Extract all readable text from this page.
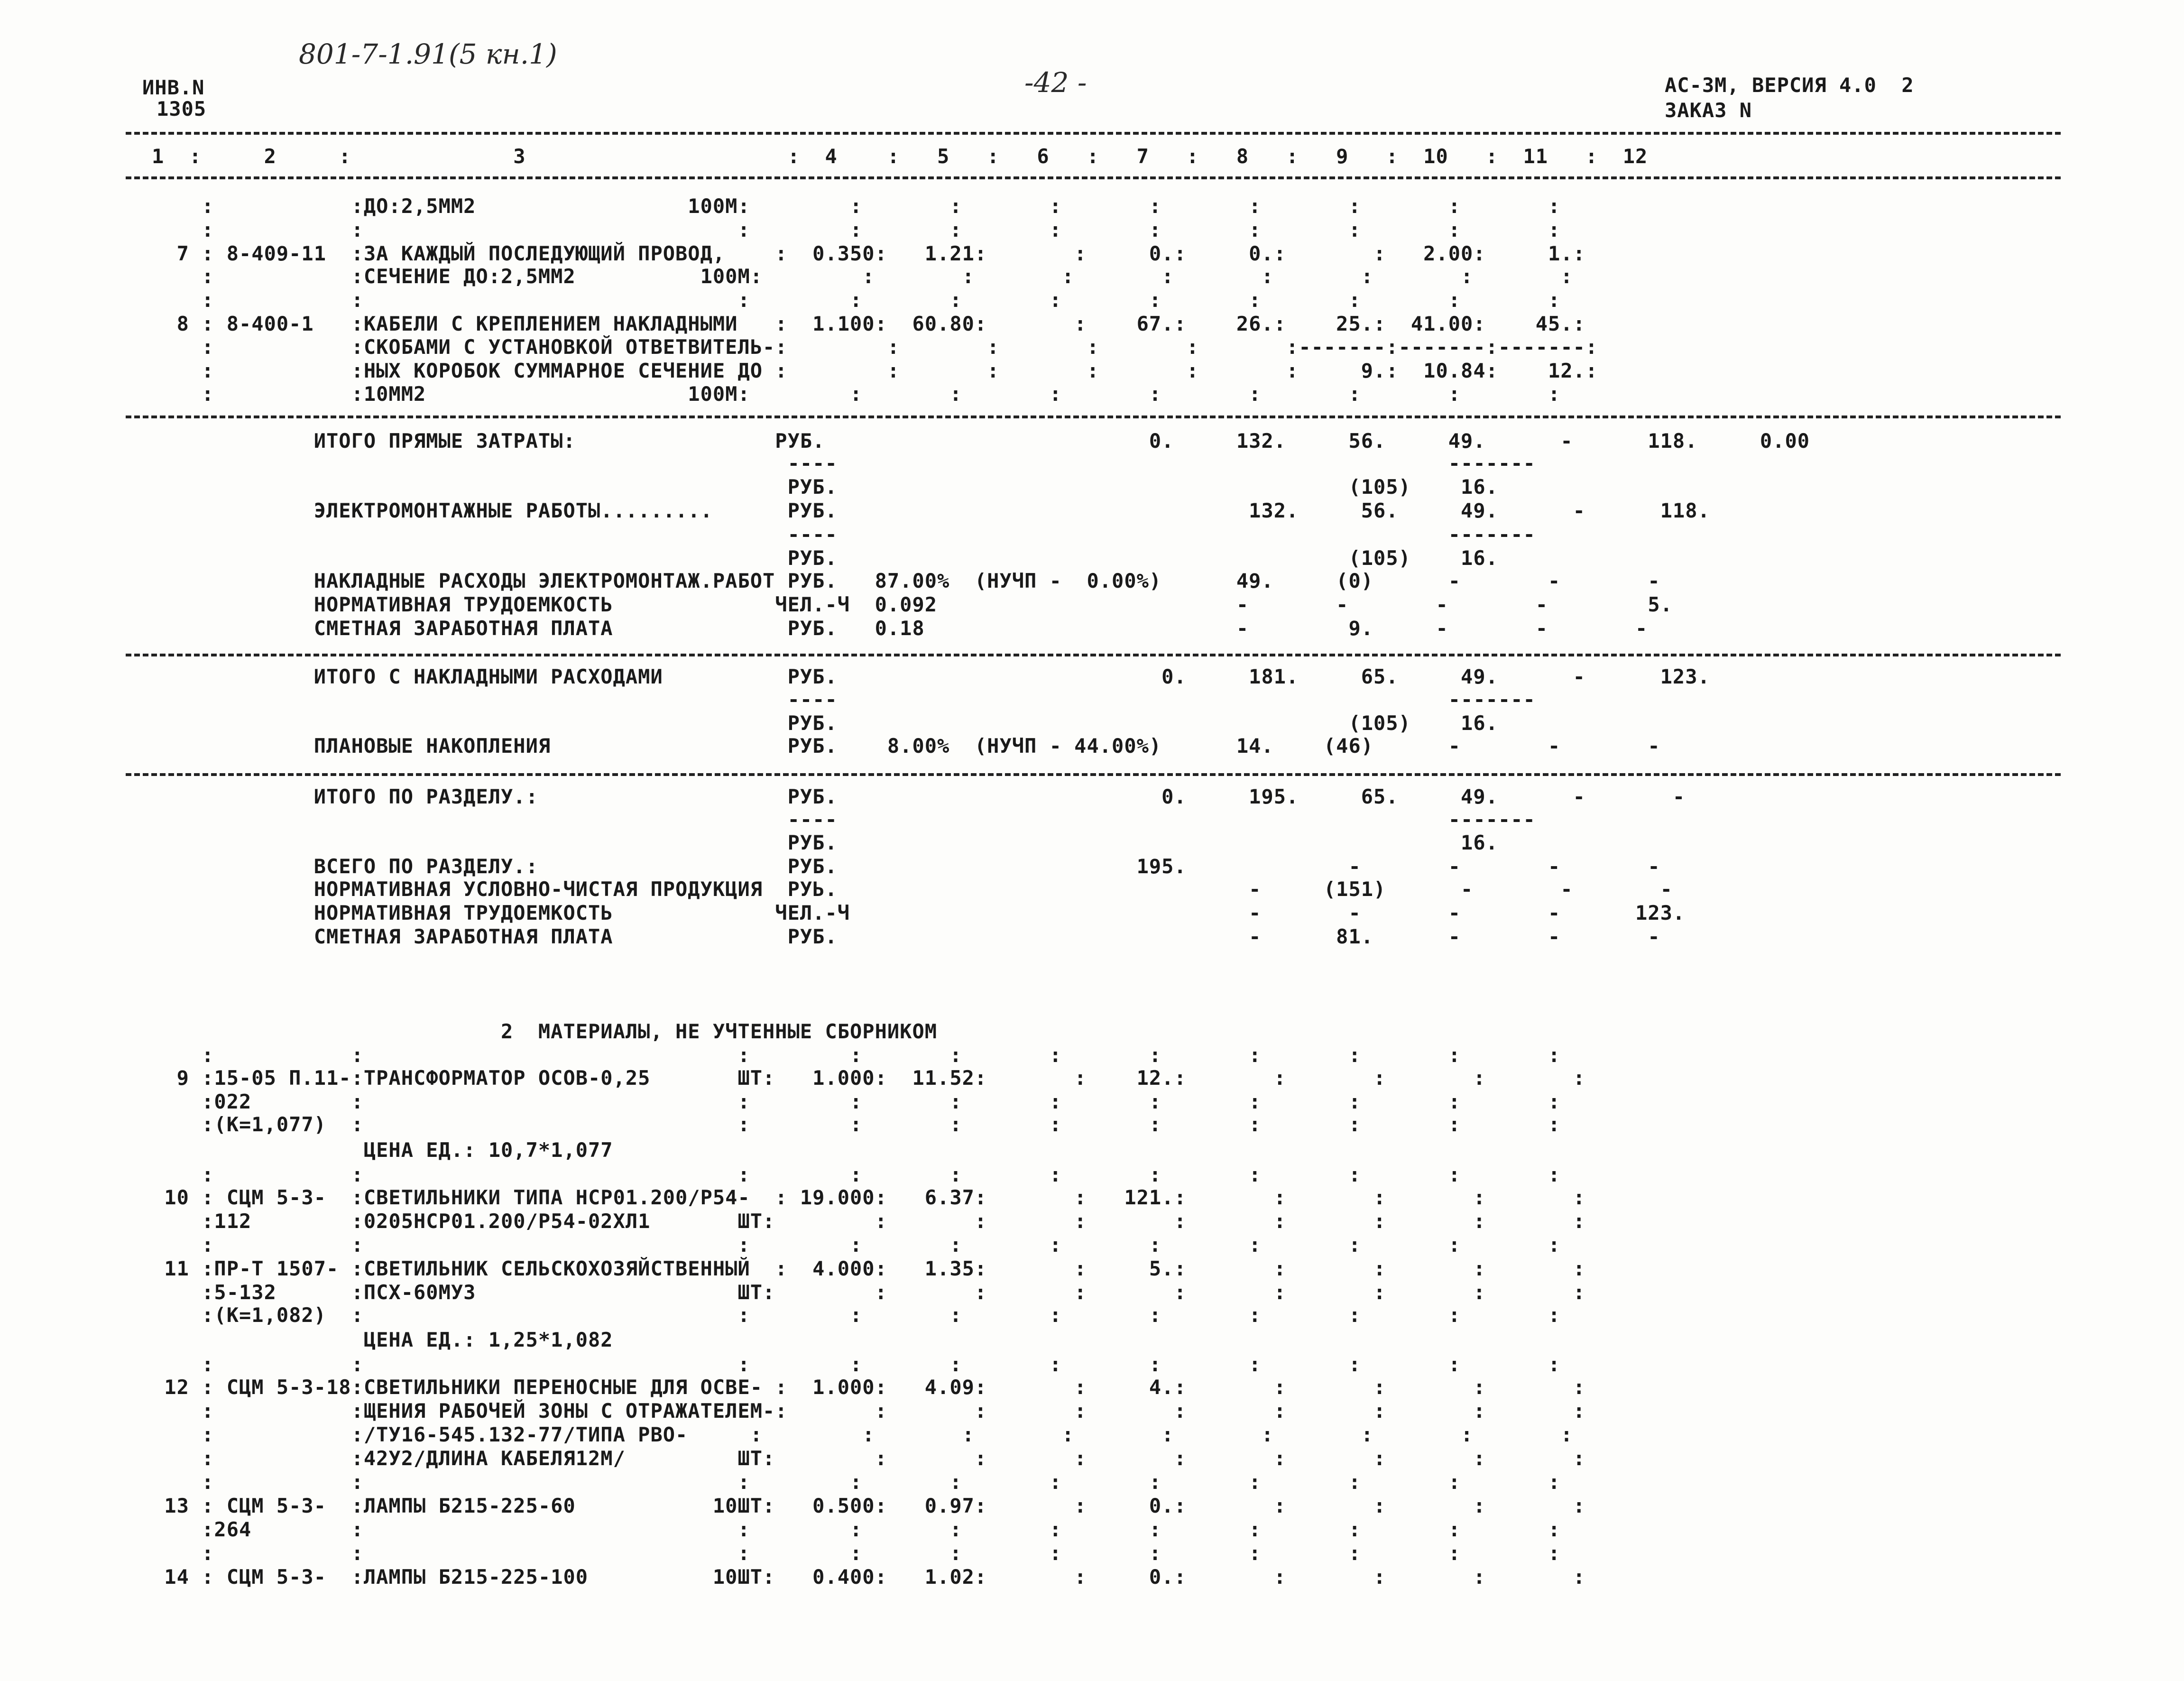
ИНВ.N
1305
801-7-1.91(5 кн.1)
-42 -	АС-3М, ВЕРСИЯ 4.0  2
ЗАКАЗ N
1  :     2     :             3                     :  4    :   5   :   6   :   7   :   8   :   9   :  10   :  11   :  12
:           :ДО:2,5ММ2                 100М:        :       :       :       :       :       :       :       :
:           :                              :        :       :       :       :       :       :       :       :
7 : 8-409-11  :ЗА КАЖДЫЙ ПОСЛЕДУЮЩИЙ ПРОВОД,    :  0.350:   1.21:       :     0.:     0.:       :   2.00:     1.:
:           :СЕЧЕНИЕ ДО:2,5ММ2          100М:        :       :       :       :       :       :       :       :
:           :                              :        :       :       :       :       :       :       :       :
8 : 8-400-1   :КАБЕЛИ С КРЕПЛЕНИЕМ НАКЛАДНЫМИ   :  1.100:  60.80:       :    67.:    26.:    25.:  41.00:    45.:
:           :СКОБАМИ С УСТАНОВКОЙ ОТВЕТВИТЕЛЬ-:        :       :       :       :       :-------:-------:-------:
:           :НЫХ КОРОБОК СУММАРНОЕ СЕЧЕНИЕ ДО :        :       :       :       :       :     9.:  10.84:    12.:
:           :10ММ2                     100М:        :       :       :       :       :       :       :       :
ИТОГО ПРЯМЫЕ ЗАТРАТЫ:                РУБ.                          0.     132.     56.     49.      -      118.     0.00
----                                                 -------
РУБ.                                         (105)    16.
ЭЛЕКТРОМОНТАЖНЫЕ РАБОТЫ.........      РУБ.                                 132.     56.     49.      -      118.
----                                                 -------
РУБ.                                         (105)    16.
НАКЛАДНЫЕ РАСХОДЫ ЭЛЕКТРОМОНТАЖ.РАБОТ РУБ.   87.00%  (НУЧП -  0.00%)      49.     (0)      -       -       -
НОРМАТИВНАЯ ТРУДОЕМКОСТЬ             ЧЕЛ.-Ч  0.092                        -       -       -       -        5.
СМЕТНАЯ ЗАРАБОТНАЯ ПЛАТА              РУБ.   0.18                         -        9.     -       -       -
ИТОГО С НАКЛАДНЫМИ РАСХОДАМИ          РУБ.                          0.     181.     65.     49.      -      123.
----                                                 -------
РУБ.                                         (105)    16.
ПЛАНОВЫЕ НАКОПЛЕНИЯ                   РУБ.    8.00%  (НУЧП - 44.00%)      14.    (46)      -       -       -
ИТОГО ПО РАЗДЕЛУ.:                    РУБ.                          0.     195.     65.     49.      -       -
----                                                 -------
РУБ.                                                  16.
ВСЕГО ПО РАЗДЕЛУ.:                    РУБ.                        195.             -       -       -       -
НОРМАТИВНАЯ УСЛОВНО-ЧИСТАЯ ПРОДУКЦИЯ  РУЬ.                                 -     (151)      -       -       -
НОРМАТИВНАЯ ТРУДОЕМКОСТЬ             ЧЕЛ.-Ч                                -       -       -       -      123.
СМЕТНАЯ ЗАРАБОТНАЯ ПЛАТА              РУБ.                                 -      81.      -       -       -
2  МАТЕРИАЛЫ, НЕ УЧТЕННЫЕ СБОРНИКОМ
:           :                              :        :       :       :       :       :       :       :       :
9 :15-05 П.11-:ТРАНСФОРМАТОР ОСОВ-0,25       ШТ:   1.000:  11.52:       :    12.:       :       :       :       :
:022        :                              :        :       :       :       :       :       :       :       :
:(К=1,077)  :                              :        :       :       :       :       :       :       :       :
ЦЕНА ЕД.: 10,7*1,077
:           :                              :        :       :       :       :       :       :       :       :
10 : СЦМ 5-3-  :СВЕТИЛЬНИКИ ТИПА НСР01.200/Р54-  : 19.000:   6.37:       :   121.:       :       :       :       :
:112        :0205НСР01.200/Р54-02ХЛ1       ШТ:        :       :       :       :       :       :       :       :
:           :                              :        :       :       :       :       :       :       :       :
11 :ПР-Т 1507- :СВЕТИЛЬНИК СЕЛЬСКОХОЗЯЙСТВЕННЫЙ  :  4.000:   1.35:       :     5.:       :       :       :       :
:5-132      :ПСХ-60МУЗ                     ШТ:        :       :       :       :       :       :       :       :
:(К=1,082)  :                              :        :       :       :       :       :       :       :       :
ЦЕНА ЕД.: 1,25*1,082
:           :                              :        :       :       :       :       :       :       :       :
12 : СЦМ 5-3-18:СВЕТИЛЬНИКИ ПЕРЕНОСНЫЕ ДЛЯ ОСВЕ- :  1.000:   4.09:       :     4.:       :       :       :       :
:           :ЩЕНИЯ РАБОЧЕЙ ЗОНЫ С ОТРАЖАТЕЛЕМ-:       :       :       :       :       :       :       :       :
:           :/ТУ16-545.132-77/ТИПА РВО-     :        :       :       :       :       :       :       :       :
:           :42У2/ДЛИНА КАБЕЛЯ12М/         ШТ:        :       :       :       :       :       :       :       :
:           :                              :        :       :       :       :       :       :       :       :
13 : СЦМ 5-3-  :ЛАМПЫ Б215-225-60           10ШТ:   0.500:   0.97:       :     0.:       :       :       :       :
:264        :                              :        :       :       :       :       :       :       :       :
:           :                              :        :       :       :       :       :       :       :       :
14 : СЦМ 5-3-  :ЛАМПЫ Б215-225-100          10ШТ:   0.400:   1.02:       :     0.:       :       :       :       :
